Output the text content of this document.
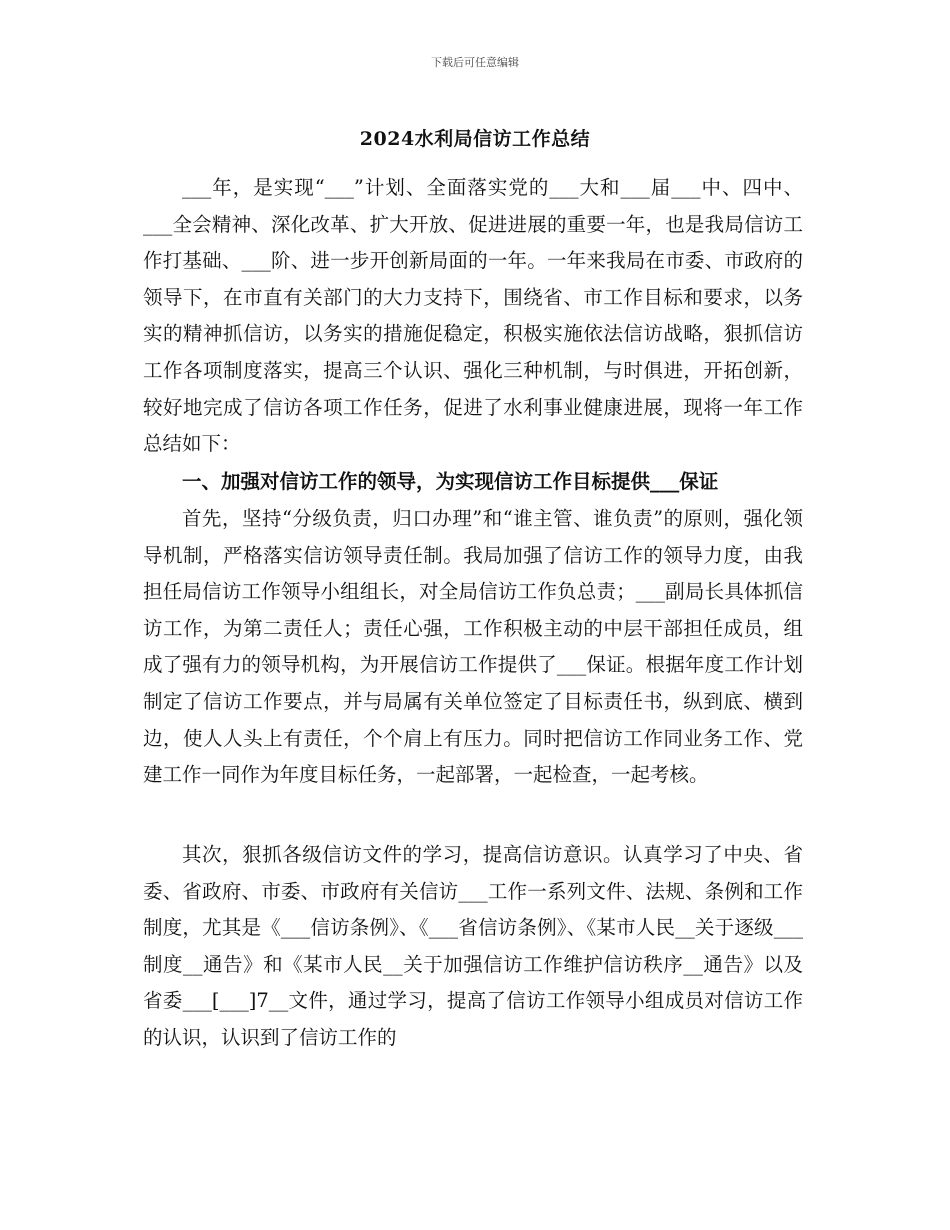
下载后可任意编辑
2024水利局信访工作总结
___年，是实现“___”计划、全面落实党的___大和___届___中、四中、___全会精神、深化改革、扩大开放、促进进展的重要一年，也是我局信访工作打基础、___阶、进一步开创新局面的一年。一年来我局在市委、市政府的领导下，在市直有关部门的大力支持下，围绕省、市工作目标和要求，以务实的精神抓信访，以务实的措施促稳定，积极实施依法信访战略，狠抓信访工作各项制度落实，提高三个认识、强化三种机制，与时俱进，开拓创新，较好地完成了信访各项工作任务，促进了水利事业健康进展，现将一年工作总结如下：
一、加强对信访工作的领导，为实现信访工作目标提供___保证
首先，坚持“分级负责，归口办理”和“谁主管、谁负责”的原则，强化领导机制，严格落实信访领导责任制。我局加强了信访工作的领导力度，由我担任局信访工作领导小组组长，对全局信访工作负总责；___副局长具体抓信访工作，为第二责任人；责任心强，工作积极主动的中层干部担任成员，组成了强有力的领导机构，为开展信访工作提供了___保证。根据年度工作计划制定了信访工作要点，并与局属有关单位签定了目标责任书，纵到底、横到边，使人人头上有责任，个个肩上有压力。同时把信访工作同业务工作、党建工作一同作为年度目标任务，一起部署，一起检查，一起考核。
其次，狠抓各级信访文件的学习，提高信访意识。认真学习了中央、省委、省政府、市委、市政府有关信访___工作一系列文件、法规、条例和工作制度，尤其是《___信访条例》、《___省信访条例》、《某市人民__关于逐级___制度__通告》和《某市人民__关于加强信访工作维护信访秩序__通告》以及省委___[___]7__文件，通过学习，提高了信访工作领导小组成员对信访工作的认识，认识到了信访工作的
